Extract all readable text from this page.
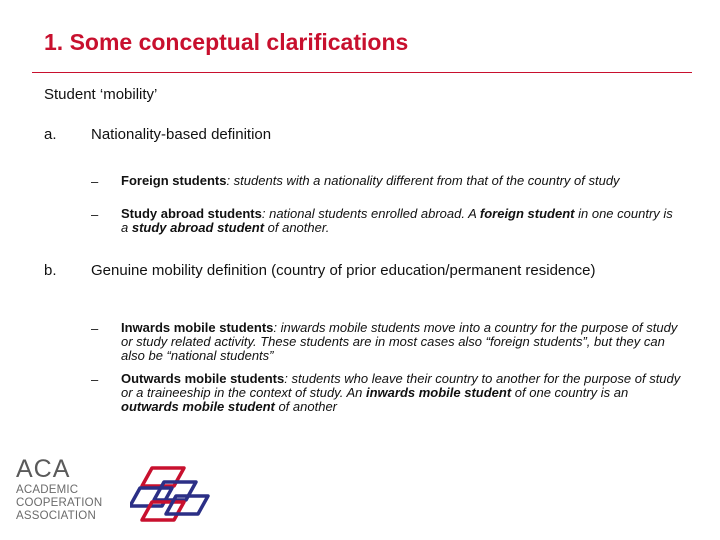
1. Some conceptual clarifications
Student ‘mobility’
a. Nationality-based definition
– Foreign students: students with a nationality different from that of the country of study
– Study abroad students: national students enrolled abroad. A foreign student in one country is a study abroad student of another.
b. Genuine mobility definition (country of prior education/permanent residence)
– Inwards mobile students: inwards mobile students move into a country for the purpose of study or study related activity. These students are in most cases also “foreign students”, but they can also be “national students”
– Outwards mobile students: students who leave their country to another for the purpose of study or a traineeship in the context of study. An inwards mobile student of one country is an outwards mobile student of another
ACA
ACADEMIC
COOPERATION
ASSOCIATION
